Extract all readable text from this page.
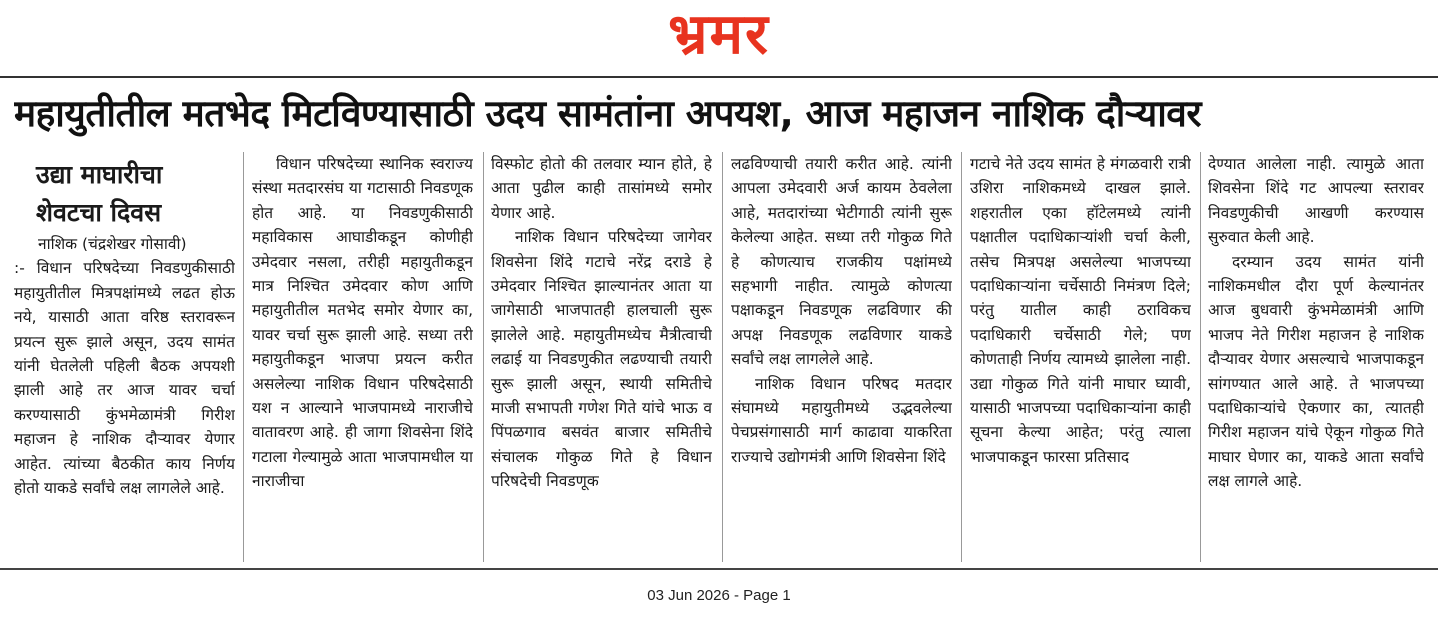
भ्रमर
महायुतीतील मतभेद मिटविण्यासाठी उदय सामंतांना अपयश, आज महाजन नाशिक दौऱ्यावर
उद्या माघारीचा
शेवटचा दिवस

नाशिक (चंद्रशेखर गोसावी)

:- विधान परिषदेच्या निवडणुकीसाठी महायुतीतील मित्रपक्षांमध्ये लढत होऊ नये, यासाठी आता वरिष्ठ स्तरावरून प्रयत्न सुरू झाले असून, उदय सामंत यांनी घेतलेली पहिली बैठक अपयशी झाली आहे तर आज यावर चर्चा करण्यासाठी कुंभमेळामंत्री गिरीश महाजन हे नाशिक दौऱ्यावर येणार आहेत. त्यांच्या बैठकीत काय निर्णय होतो याकडे सर्वांचे लक्ष लागलेले आहे.

विधान परिषदेच्या स्थानिक स्वराज्य संस्था मतदारसंघ या गटासाठी निवडणूक होत आहे. या निवडणुकीसाठी महाविकास आघाडीकडून कोणीही उमेदवार नसला, तरीही महायुतीकडून मात्र निश्चित उमेदवार कोण आणि महायुतीतील मतभेद समोर येणार का, यावर चर्चा सुरू झाली आहे. सध्या तरी महायुतीकडून भाजपा प्रयत्न करीत असलेल्या नाशिक विधान परिषदेसाठी यश न आल्याने भाजपामध्ये नाराजीचे वातावरण आहे. ही जागा शिवसेना शिंदे गटाला गेल्यामुळे आता भाजपामधील या नाराजीचा

विस्फोट होतो की तलवार म्यान होते, हे आता पुढील काही तासांमध्ये समोर येणार आहे.

नाशिक विधान परिषदेच्या जागेवर शिवसेना शिंदे गटाचे नरेंद्र दराडे हे उमेदवार निश्चित झाल्यानंतर आता या जागेसाठी भाजपातही हालचाली सुरू झालेले आहे. महायुतीमध्येच मैत्रीत्वाची लढाई या निवडणुकीत लढण्याची तयारी सुरू झाली असून, स्थायी समितीचे माजी सभापती गणेश गिते यांचे भाऊ व पिंपळगाव बसवंत बाजार समितीचे संचालक गोकुळ गिते हे विधान परिषदेची निवडणूक

लढविण्याची तयारी करीत आहे. त्यांनी आपला उमेदवारी अर्ज कायम ठेवलेला आहे, मतदारांच्या भेटीगाठी त्यांनी सुरू केलेल्या आहेत. सध्या तरी गोकुळ गिते हे कोणत्याच राजकीय पक्षांमध्ये सहभागी नाहीत. त्यामुळे कोणत्या पक्षाकडून निवडणूक लढविणार की अपक्ष निवडणूक लढविणार याकडे सर्वांचे लक्ष लागलेले आहे.

नाशिक विधान परिषद मतदार संघामध्ये महायुतीमध्ये उद्भवलेल्या पेचप्रसंगासाठी मार्ग काढावा याकरिता राज्याचे उद्योगमंत्री आणि शिवसेना शिंदे

गटाचे नेते उदय सामंत हे मंगळवारी रात्री उशिरा नाशिकमध्ये दाखल झाले. शहरातील एका हॉटेलमध्ये त्यांनी पक्षातील पदाधिकाऱ्यांशी चर्चा केली, तसेच मित्रपक्ष असलेल्या भाजपच्या पदाधिकाऱ्यांना चर्चेसाठी निमंत्रण दिले; परंतु यातील काही ठराविकच पदाधिकारी चर्चेसाठी गेले; पण कोणताही निर्णय त्यामध्ये झालेला नाही. उद्या गोकुळ गिते यांनी माघार घ्यावी, यासाठी भाजपच्या पदाधिकाऱ्यांना काही सूचना केल्या आहेत; परंतु त्याला भाजपाकडून फारसा प्रतिसाद

देण्यात आलेला नाही. त्यामुळे आता शिवसेना शिंदे गट आपल्या स्तरावर निवडणुकीची आखणी करण्यास सुरुवात केली आहे.

दरम्यान उदय सामंत यांनी नाशिकमधील दौरा पूर्ण केल्यानंतर आज बुधवारी कुंभमेळामंत्री आणि भाजप नेते गिरीश महाजन हे नाशिक दौऱ्यावर येणार असल्याचे भाजपाकडून सांगण्यात आले आहे. ते भाजपच्या पदाधिकाऱ्यांचे ऐकणार का, त्यातही गिरीश महाजन यांचे ऐकून गोकुळ गिते माघार घेणार का, याकडे आता सर्वांचे लक्ष लागले आहे.

03 Jun 2026 - Page 1
